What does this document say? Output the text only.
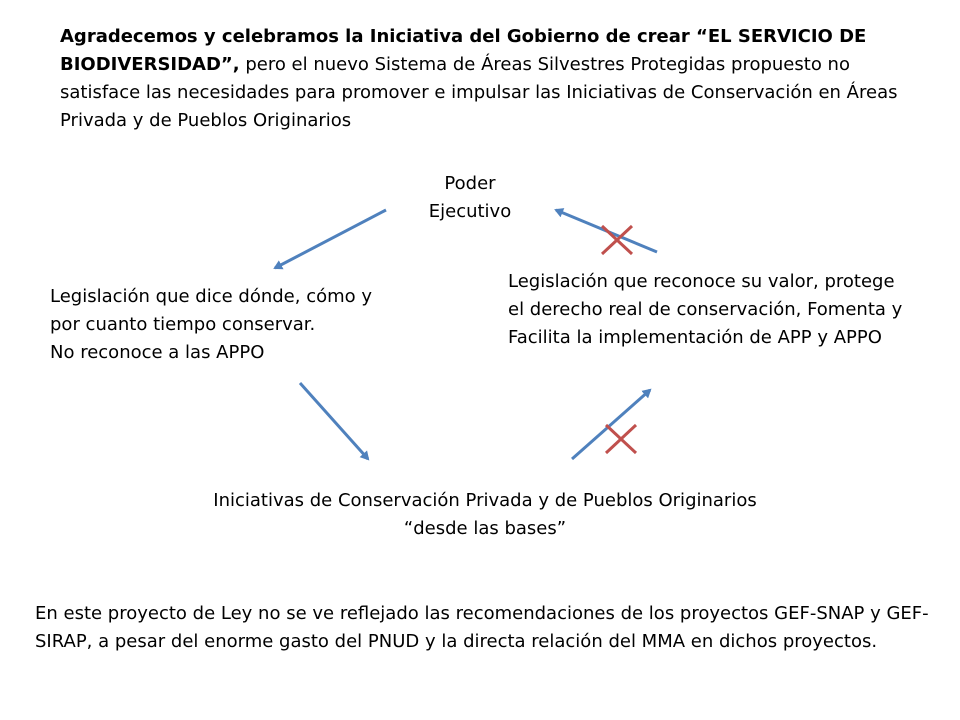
Agradecemos y celebramos la Iniciativa del Gobierno de crear “EL SERVICIO DE BIODIVERSIDAD”, pero el nuevo Sistema de Áreas Silvestres Protegidas propuesto no satisface las necesidades para promover e impulsar las Iniciativas de Conservación en Áreas Privada y de Pueblos Originarios
Poder
Ejecutivo
Legislación que dice dónde, cómo y
por cuanto tiempo conservar.
No reconoce a las APPO
Legislación que reconoce su valor, protege
el derecho real de conservación, Fomenta y
Facilita la implementación de APP y APPO
Iniciativas de Conservación Privada y de Pueblos Originarios
“desde las bases”
En este proyecto de Ley no se ve reflejado las recomendaciones de los proyectos GEF-SNAP y GEF-SIRAP, a pesar del enorme gasto del PNUD y la directa relación del MMA en dichos proyectos.
